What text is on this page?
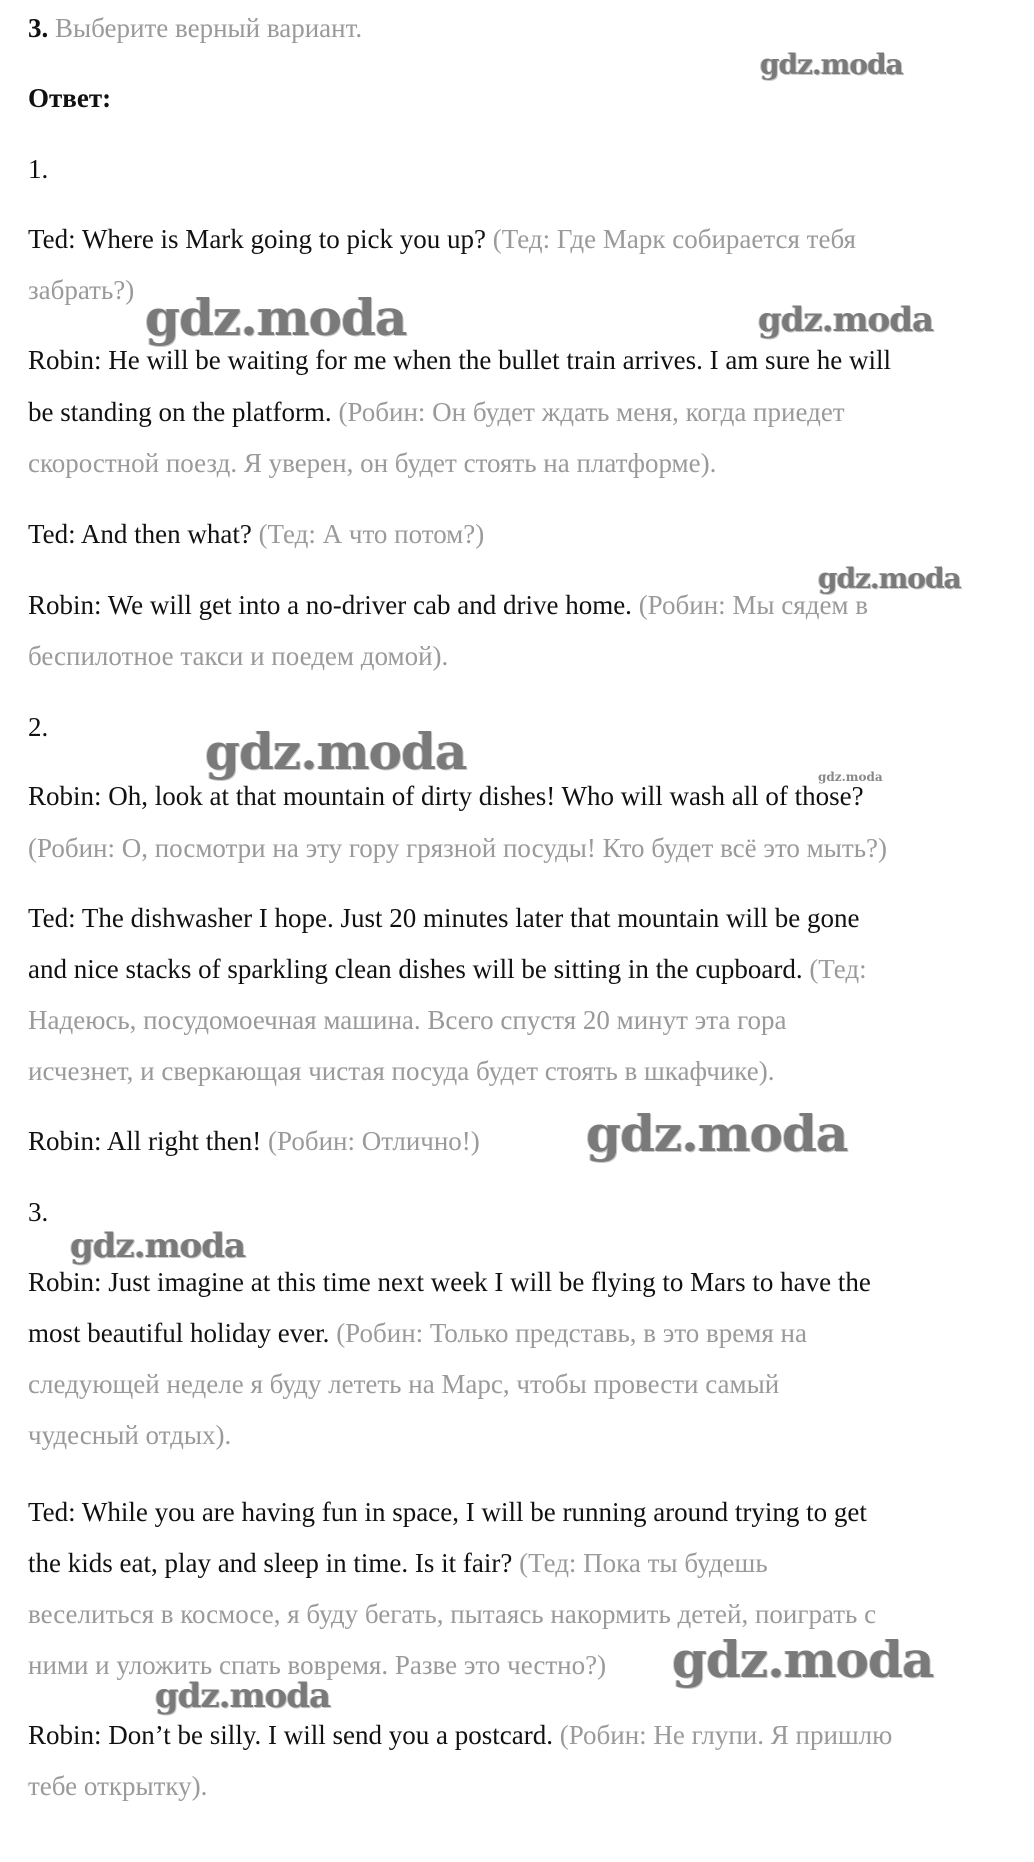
3. Выберите верный вариант.
Ответ:
1.
Ted: Where is Mark going to pick you up? (Тед: Где Марк собирается тебя
забрать?)
Robin: He will be waiting for me when the bullet train arrives. I am sure he will
be standing on the platform. (Робин: Он будет ждать меня, когда приедет
скоростной поезд. Я уверен, он будет стоять на платформе).
Ted: And then what? (Тед: А что потом?)
Robin: We will get into a no-driver cab and drive home. (Робин: Мы сядем в
беспилотное такси и поедем домой).
2.
Robin: Oh, look at that mountain of dirty dishes! Who will wash all of those?
(Робин: О, посмотри на эту гору грязной посуды! Кто будет всё это мыть?)
Ted: The dishwasher I hope. Just 20 minutes later that mountain will be gone
and nice stacks of sparkling clean dishes will be sitting in the cupboard. (Тед:
Надеюсь, посудомоечная машина. Всего спустя 20 минут эта гора
исчезнет, и сверкающая чистая посуда будет стоять в шкафчике).
Robin: All right then! (Робин: Отлично!)
3.
Robin: Just imagine at this time next week I will be flying to Mars to have the
most beautiful holiday ever. (Робин: Только представь, в это время на
следующей неделе я буду лететь на Марс, чтобы провести самый
чудесный отдых).
Ted: While you are having fun in space, I will be running around trying to get
the kids eat, play and sleep in time. Is it fair? (Тед: Пока ты будешь
веселиться в космосе, я буду бегать, пытаясь накормить детей, поиграть с
ними и уложить спать вовремя. Разве это честно?)
Robin: Don’t be silly. I will send you a postcard. (Робин: Не глупи. Я пришлю
тебе открытку).
gdz.moda
gdz.moda	gdz.moda
gdz.moda
gdz.moda	gdz.moda
gdz.moda
gdz.moda
gdz.moda
gdz.moda
